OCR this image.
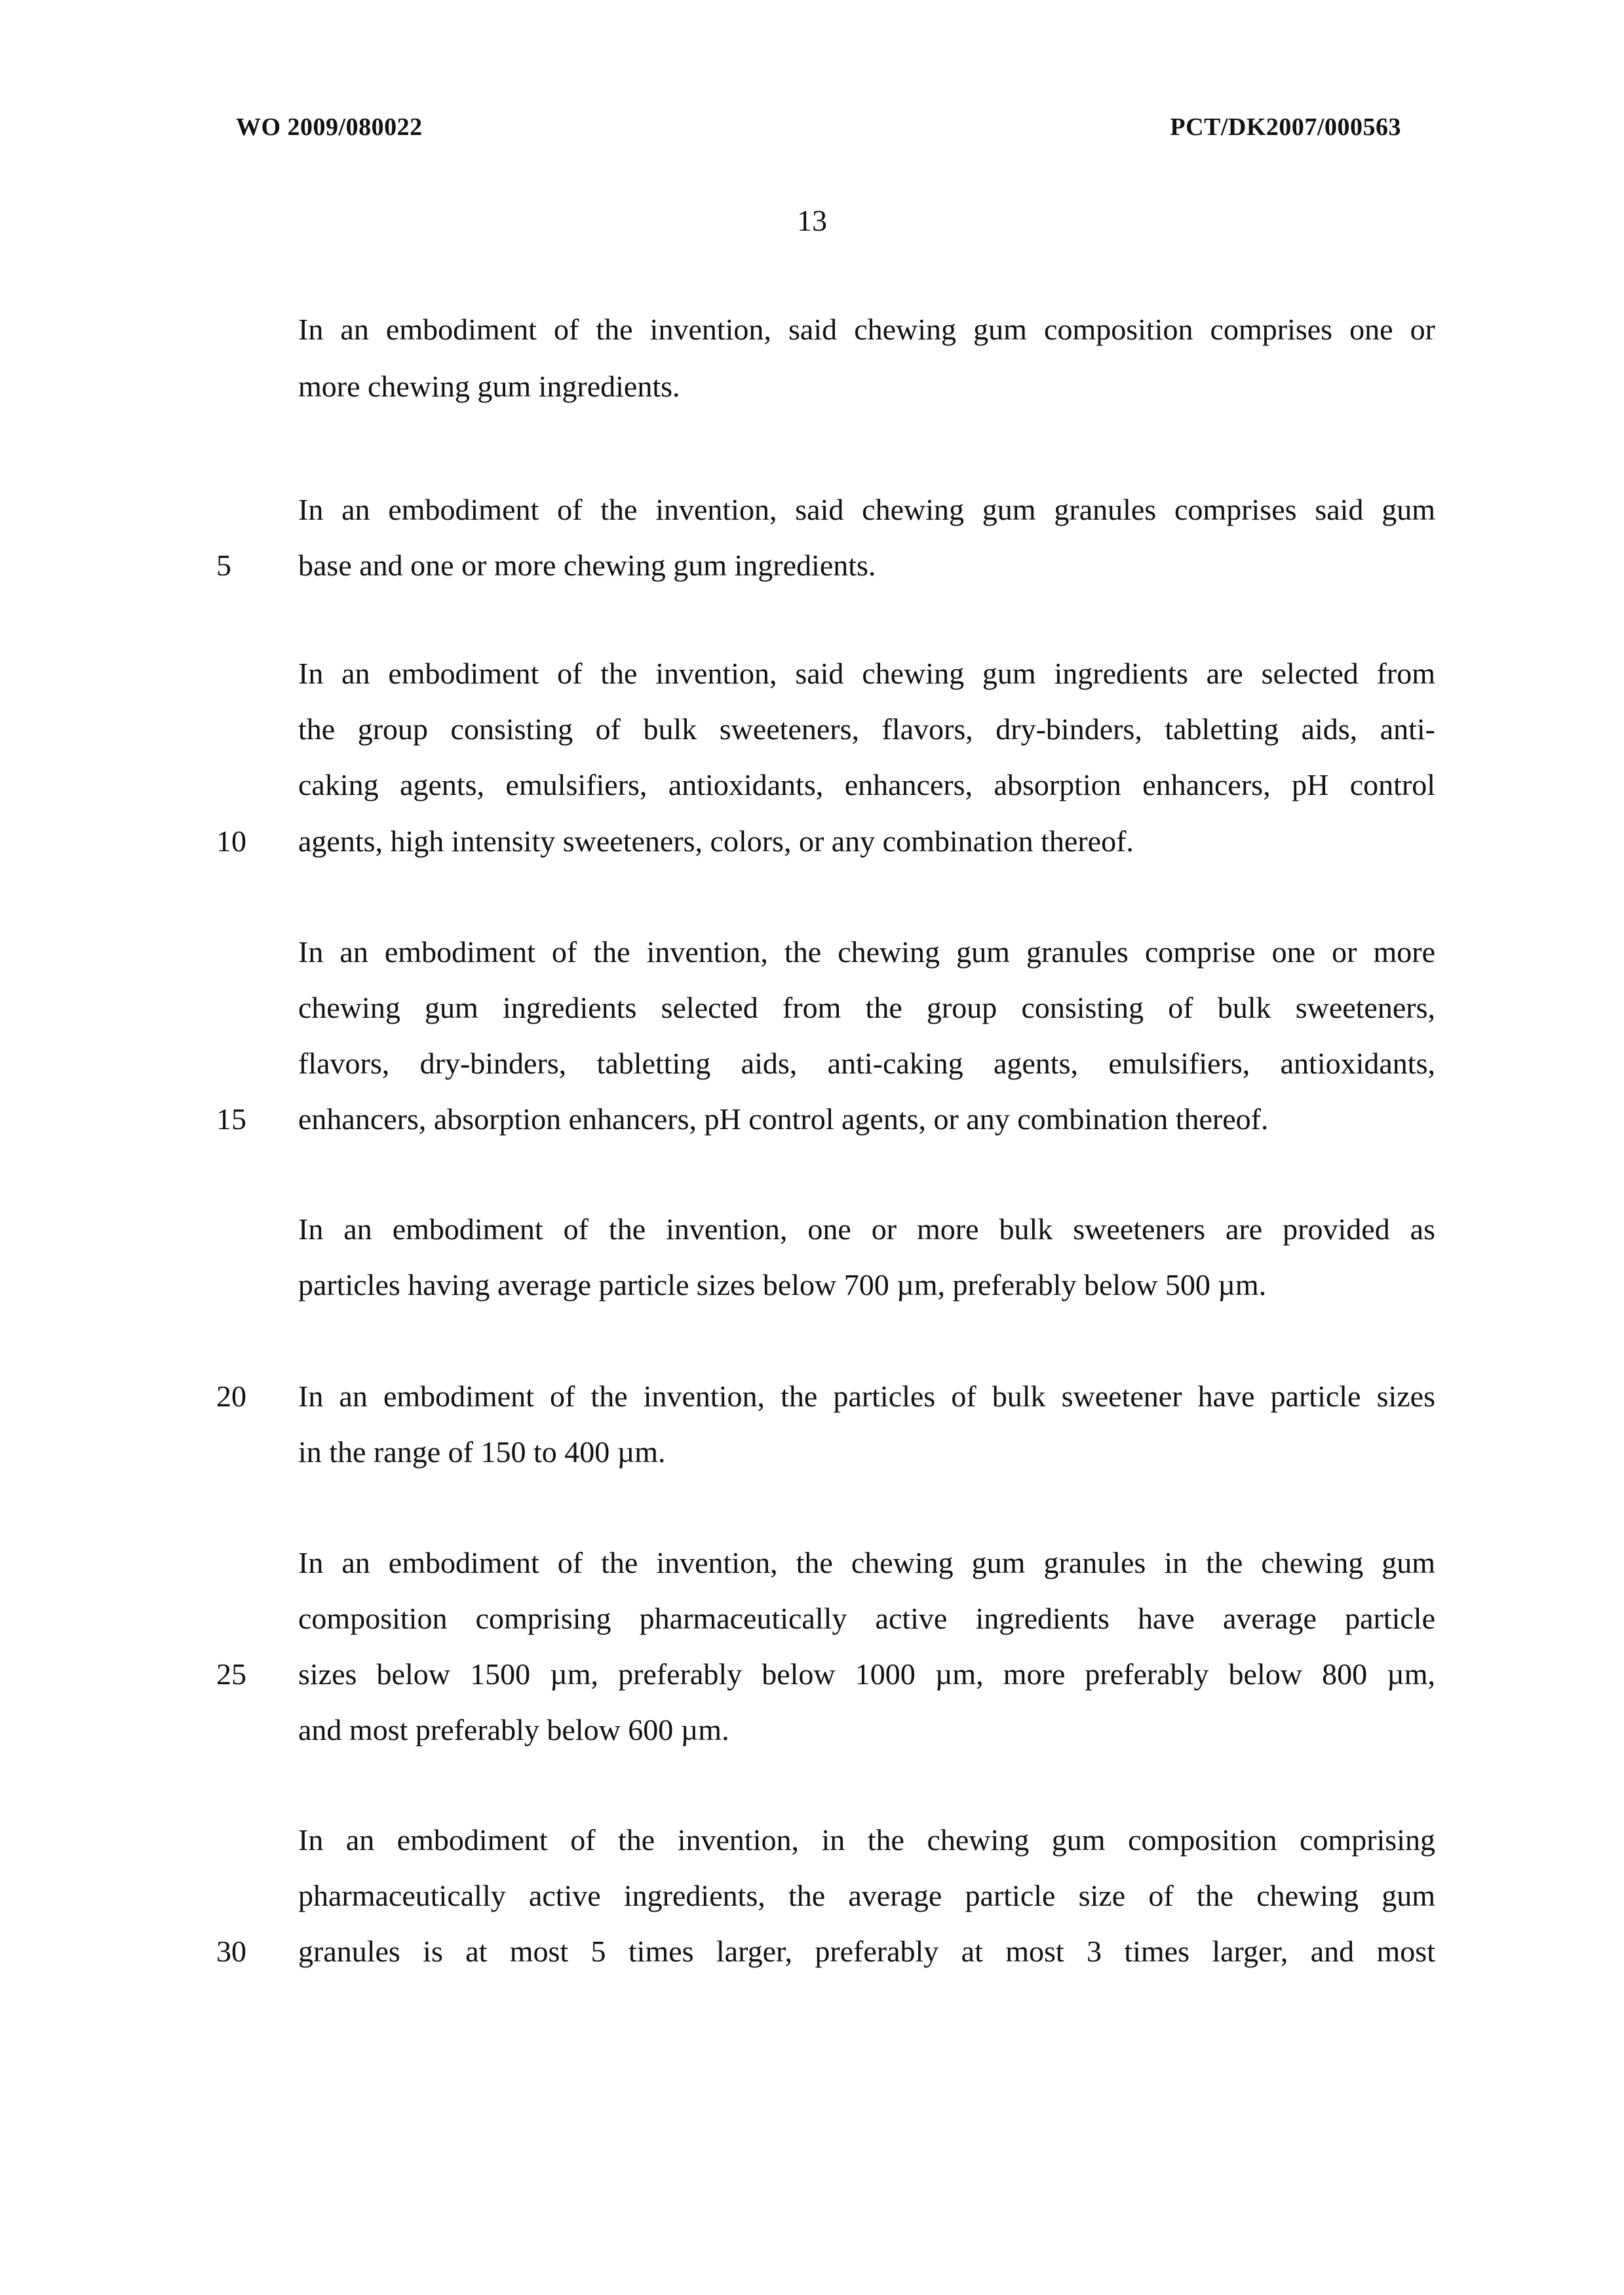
WO 2009/080022	PCT/DK2007/000563
13
5
10
15
20
25
30
In an embodiment of the invention, said chewing gum composition comprises one or
more chewing gum ingredients.
In an embodiment of the invention, said chewing gum granules comprises said gum
base and one or more chewing gum ingredients.
In an embodiment of the invention, said chewing gum ingredients are selected from
the group consisting of bulk sweeteners, flavors, dry-binders, tabletting aids, anti-
caking agents, emulsifiers, antioxidants, enhancers, absorption enhancers, pH control
agents, high intensity sweeteners, colors, or any combination thereof.
In an embodiment of the invention, the chewing gum granules comprise one or more
chewing gum ingredients selected from the group consisting of bulk sweeteners,
flavors, dry-binders, tabletting aids, anti-caking agents, emulsifiers, antioxidants,
enhancers, absorption enhancers, pH control agents, or any combination thereof.
In an embodiment of the invention, one or more bulk sweeteners are provided as
particles having average particle sizes below 700 µm, preferably below 500 µm.
In an embodiment of the invention, the particles of bulk sweetener have particle sizes
in the range of 150 to 400 µm.
In an embodiment of the invention, the chewing gum granules in the chewing gum
composition comprising pharmaceutically active ingredients have average particle
sizes below 1500 µm, preferably below 1000 µm, more preferably below 800 µm,
and most preferably below 600 µm.
In an embodiment of the invention, in the chewing gum composition comprising
pharmaceutically active ingredients, the average particle size of the chewing gum
granules is at most 5 times larger, preferably at most 3 times larger, and most
